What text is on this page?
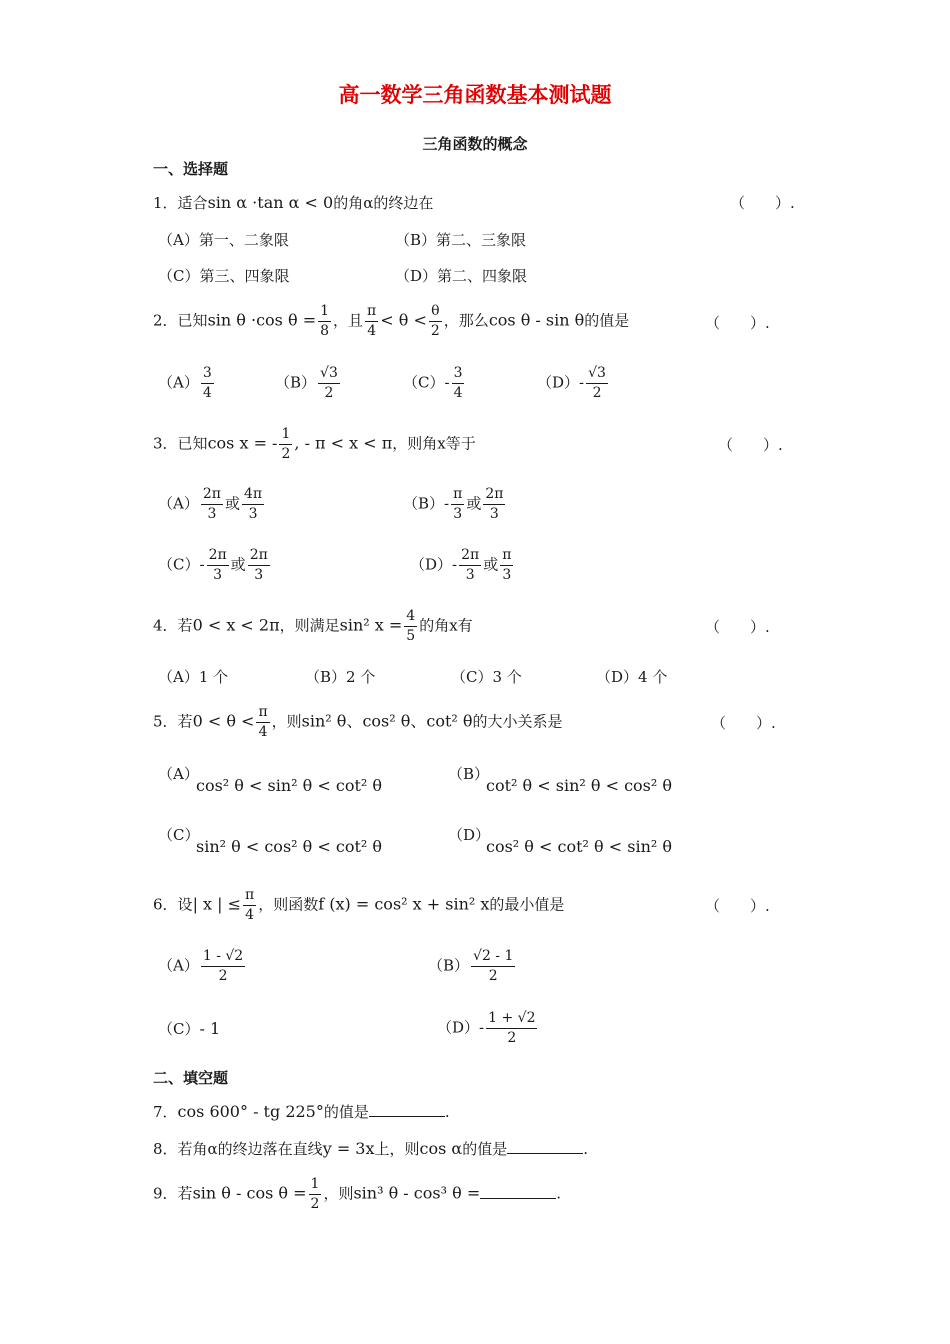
高一数学三角函数基本测试题
三角函数的概念
一、选择题
1．适合sin α ·tan α < 0的角α的终边在	（　　）.
（A）第一、二象限	（B）第二、三象限
（C）第三、四象限	（D）第二、四象限
2．已知sin θ ·cos $\theta = \frac{1}{8}$ ，且 $\frac{\pi}{4} < \theta < \frac{\theta}{2}$ ，那么cos θ - sin θ的值是	（　　）.
$(A) \frac{3}{4}$	$(B) \frac{√3}{2}$	$(C)- \frac{3}{4}$	$(D)- \frac{√3}{2}$
3．已知cos x = - $\frac{1}{2}$ , - π < x < π，则角x等于	（　　）.
$(A) \frac{2\pi}{3}$ 或 $\frac{4\pi}{3}$	$(B)- \frac{\pi}{3}$ 或 $\frac{2\pi}{3}$
$(C)- \frac{2\pi}{3}$ 或 $\frac{2\pi}{3}$	$(D)- \frac{2\pi}{3}$ 或 $\frac{\pi}{3}$
4．若0 < x < 2π，则满足sin² $x = \frac{4}{5}$ 的角x有	（　　）.
（A）1 个	（B）2 个	（C）3 个	（D）4 个
5．若$0 < \theta < \frac{\pi}{4}$ ，则sin² θ、cos² θ、cot² θ的大小关系是	（　　）.
（A）
cos² θ < sin² θ < cot² θ
（B）
cot² θ < sin² θ < cos² θ
（C）
sin² θ < cos² θ < cot² θ
（D）
cos² θ < cot² θ < sin² θ
6．设| x | ≤ $\frac{\pi}{4}$ ，则函数f (x) = cos² x + sin² x的最小值是	（　　）.
$(A) \frac{1 - √2}{2}$	$(B) \frac{√2 - 1}{2}$
（C）- 1	$(D)- \frac{1 + √2}{2}$
二、填空题
7．cos 600° - tg 225°的值是	.
8．若角α的终边落在直线y = 3x上，则cos α的值是	.
9．若$\sin \theta - \cos \theta = \frac{1}{2}$ ，则sin³ θ - cos³ θ =	.
